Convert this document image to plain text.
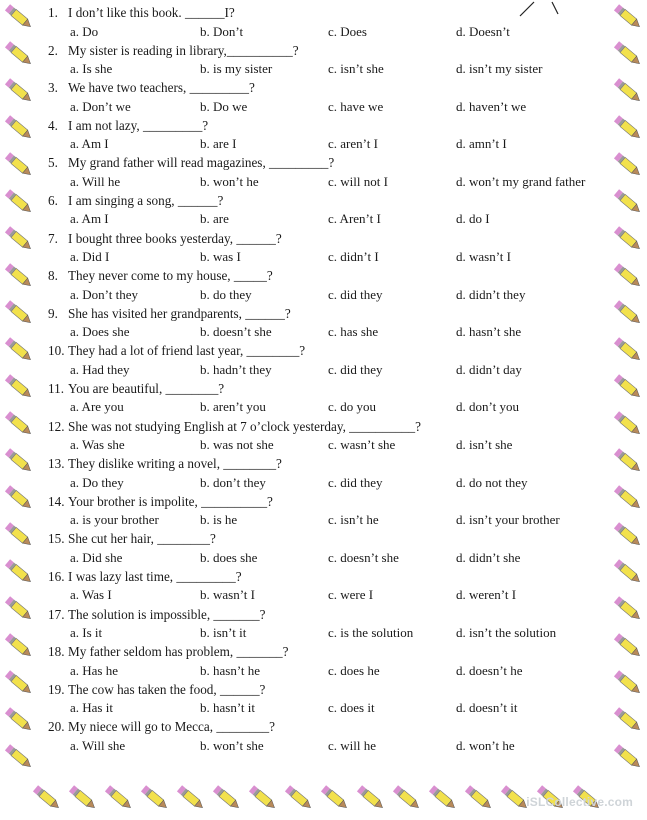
1. I don’t like this book. ______I?
a. Do	b. Don’t	c. Does	d. Doesn’t
2. My sister is reading in library,__________?
a. Is she	b. is my sister	c. isn’t she	d. isn’t my sister
3. We have two teachers, _________?
a. Don’t we	b. Do we	c. have we	d. haven’t we
4. I am not lazy, _________?
a. Am I	b. are I	c. aren’t I	d. amn’t I
5. My grand father will read magazines, _________?
a. Will he	b. won’t he	c. will not I	d. won’t my grand father
6. I am singing a song, ______?
a. Am I	b. are	c. Aren’t I	d. do I
7. I bought three books yesterday, ______?
a. Did I	b. was I	c. didn’t I	d. wasn’t I
8. They never come to my house, _____?
a. Don’t they	b. do they	c. did they	d. didn’t they
9. She has visited her grandparents, ______?
a. Does she	b. doesn’t she	c. has she	d. hasn’t she
10. They had a lot of friend last year, ________?
a. Had they	b. hadn’t they	c. did they	d. didn’t day
11. You are beautiful, ________?
a. Are you	b. aren’t you	c. do you	d. don’t you
12. She was not studying English at 7 o’clock yesterday, __________?
a. Was she	b. was not she	c. wasn’t she	d. isn’t she
13. They dislike writing a novel, ________?
a. Do they	b. don’t they	c. did they	d. do not they
14. Your brother is impolite, __________?
a. is your brother	b. is he	c. isn’t he	d. isn’t your brother
15. She cut her hair, ________?
a. Did she	b. does she	c. doesn’t she	d. didn’t she
16. I was lazy last time, _________?
a. Was I	b. wasn’t I	c. were I	d. weren’t I
17. The solution is impossible, _______?
a. Is it	b. isn’t it	c. is the solution	d. isn’t the solution
18. My father seldom has problem, _______?
a. Has he	b. hasn’t he	c. does he	d. doesn’t he
19. The cow has taken the food, ______?
a. Has it	b. hasn’t it	c. does it	d. doesn’t it
20. My niece will go to Mecca, ________?
a. Will she	b. won’t she	c. will he	d. won’t he
iSLCollective.com
